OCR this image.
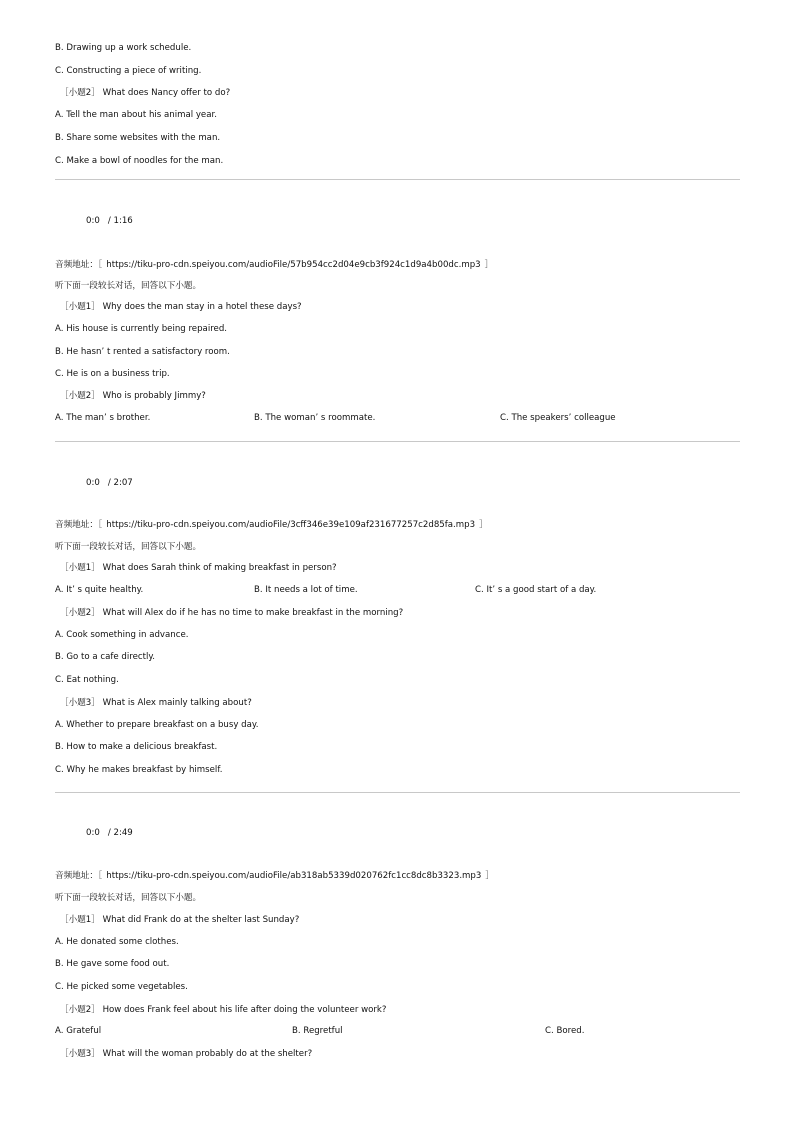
B. Drawing up a work schedule.
C. Constructing a piece of writing.
［小题2］ What does Nancy offer to do?
A. Tell the man about his animal year.
B. Share some websites with the man.
C. Make a bowl of noodles for the man.
0:0 / 1:16
音频地址：［ https://tiku-pro-cdn.speiyou.com/audioFile/57b954cc2d04e9cb3f924c1d9a4b00dc.mp3 ］
听下面一段较长对话，回答以下小题。
［小题1］ Why does the man stay in a hotel these days?
A. His house is currently being repaired.
B. He hasn’ t rented a satisfactory room.
C. He is on a business trip.
［小题2］ Who is probably Jimmy?
A. The man’ s brother.	B. The woman’ s roommate.	C. The speakers’ colleague
0:0 / 2:07
音频地址：［ https://tiku-pro-cdn.speiyou.com/audioFile/3cff346e39e109af231677257c2d85fa.mp3 ］
听下面一段较长对话，回答以下小题。
［小题1］ What does Sarah think of making breakfast in person?
A. It’ s quite healthy.	B. It needs a lot of time.	C. It’ s a good start of a day.
［小题2］ What will Alex do if he has no time to make breakfast in the morning?
A. Cook something in advance.
B. Go to a cafe directly.
C. Eat nothing.
［小题3］ What is Alex mainly talking about?
A. Whether to prepare breakfast on a busy day.
B. How to make a delicious breakfast.
C. Why he makes breakfast by himself.
0:0 / 2:49
音频地址：［ https://tiku-pro-cdn.speiyou.com/audioFile/ab318ab5339d020762fc1cc8dc8b3323.mp3 ］
听下面一段较长对话，回答以下小题。
［小题1］ What did Frank do at the shelter last Sunday?
A. He donated some clothes.
B. He gave some food out.
C. He picked some vegetables.
［小题2］ How does Frank feel about his life after doing the volunteer work?
A. Grateful	B. Regretful	C. Bored.
［小题3］ What will the woman probably do at the shelter?
